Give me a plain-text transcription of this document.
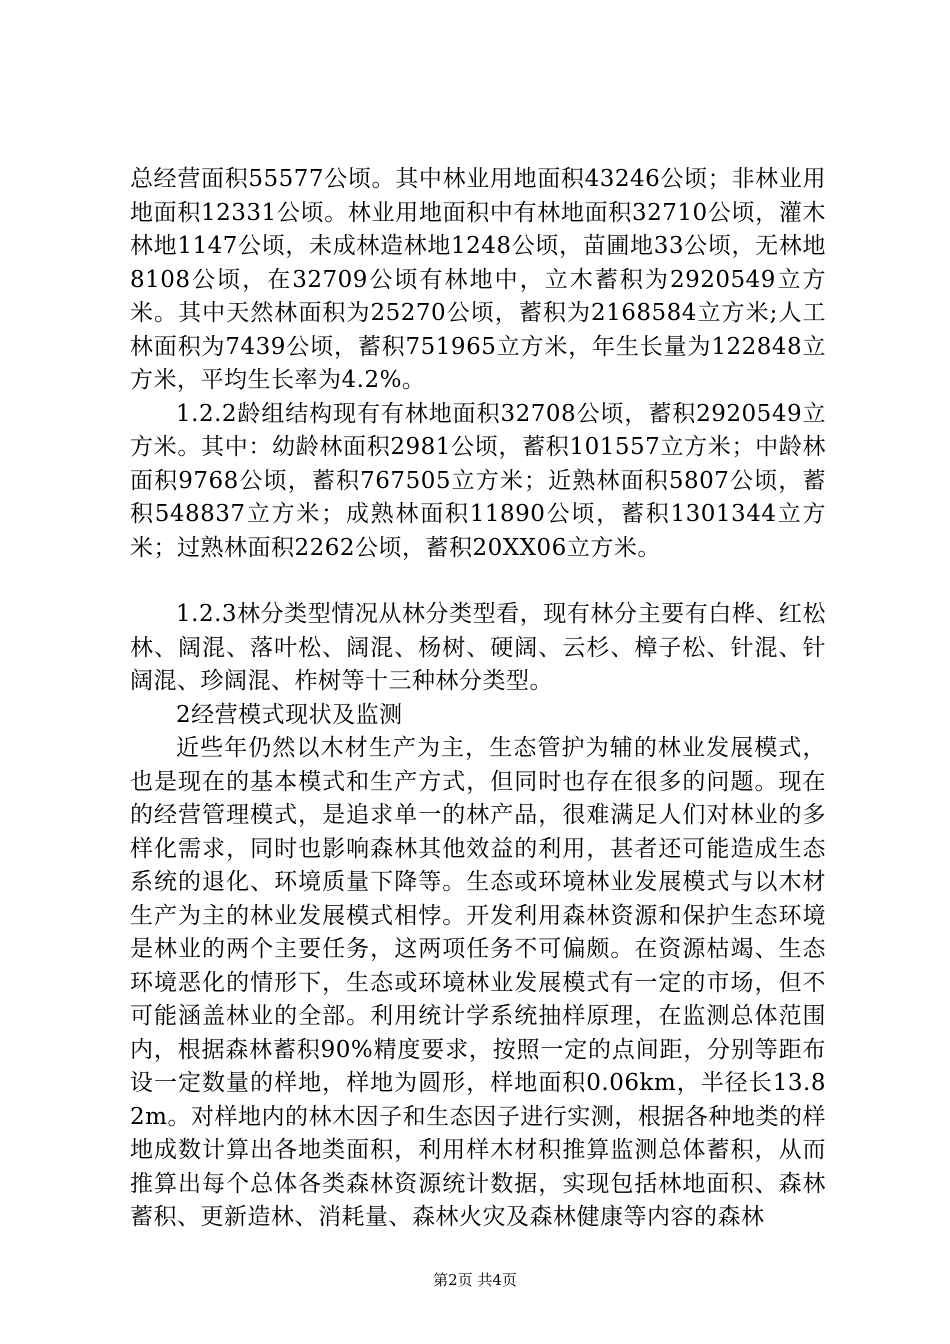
总经营面积55577公顷。其中林业用地面积43246公顷；非林业用地面积12331公顷。林业用地面积中有林地面积32710公顷，灌木林地1147公顷，未成林造林地1248公顷，苗圃地33公顷，无林地8108公顷，在32709公顷有林地中，立木蓄积为2920549立方米。其中天然林面积为25270公顷，蓄积为2168584立方米;人工林面积为7439公顷，蓄积751965立方米，年生长量为122848立方米，平均生长率为4.2%。

1.2.2龄组结构现有有林地面积32708公顷，蓄积2920549立方米。其中：幼龄林面积2981公顷，蓄积101557立方米；中龄林面积9768公顷，蓄积767505立方米；近熟林面积5807公顷，蓄积548837立方米；成熟林面积11890公顷，蓄积1301344立方米；过熟林面积2262公顷，蓄积20XX06立方米。

1.2.3林分类型情况从林分类型看，现有林分主要有白桦、红松林、阔混、落叶松、阔混、杨树、硬阔、云杉、樟子松、针混、针阔混、珍阔混、柞树等十三种林分类型。

2经营模式现状及监测

近些年仍然以木材生产为主，生态管护为辅的林业发展模式，也是现在的基本模式和生产方式，但同时也存在很多的问题。现在的经营管理模式，是追求单一的林产品，很难满足人们对林业的多样化需求，同时也影响森林其他效益的利用，甚者还可能造成生态系统的退化、环境质量下降等。生态或环境林业发展模式与以木材生产为主的林业发展模式相悖。开发利用森林资源和保护生态环境是林业的两个主要任务，这两项任务不可偏颇。在资源枯竭、生态环境恶化的情形下，生态或环境林业发展模式有一定的市场，但不可能涵盖林业的全部。利用统计学系统抽样原理，在监测总体范围内，根据森林蓄积90%精度要求，按照一定的点间距，分别等距布设一定数量的样地，样地为圆形，样地面积0.06km，半径长13.82m。对样地内的林木因子和生态因子进行实测，根据各种地类的样地成数计算出各地类面积，利用样木材积推算监测总体蓄积，从而推算出每个总体各类森林资源统计数据，实现包括林地面积、森林蓄积、更新造林、消耗量、森林火灾及森林健康等内容的森林

第2页 共4页
